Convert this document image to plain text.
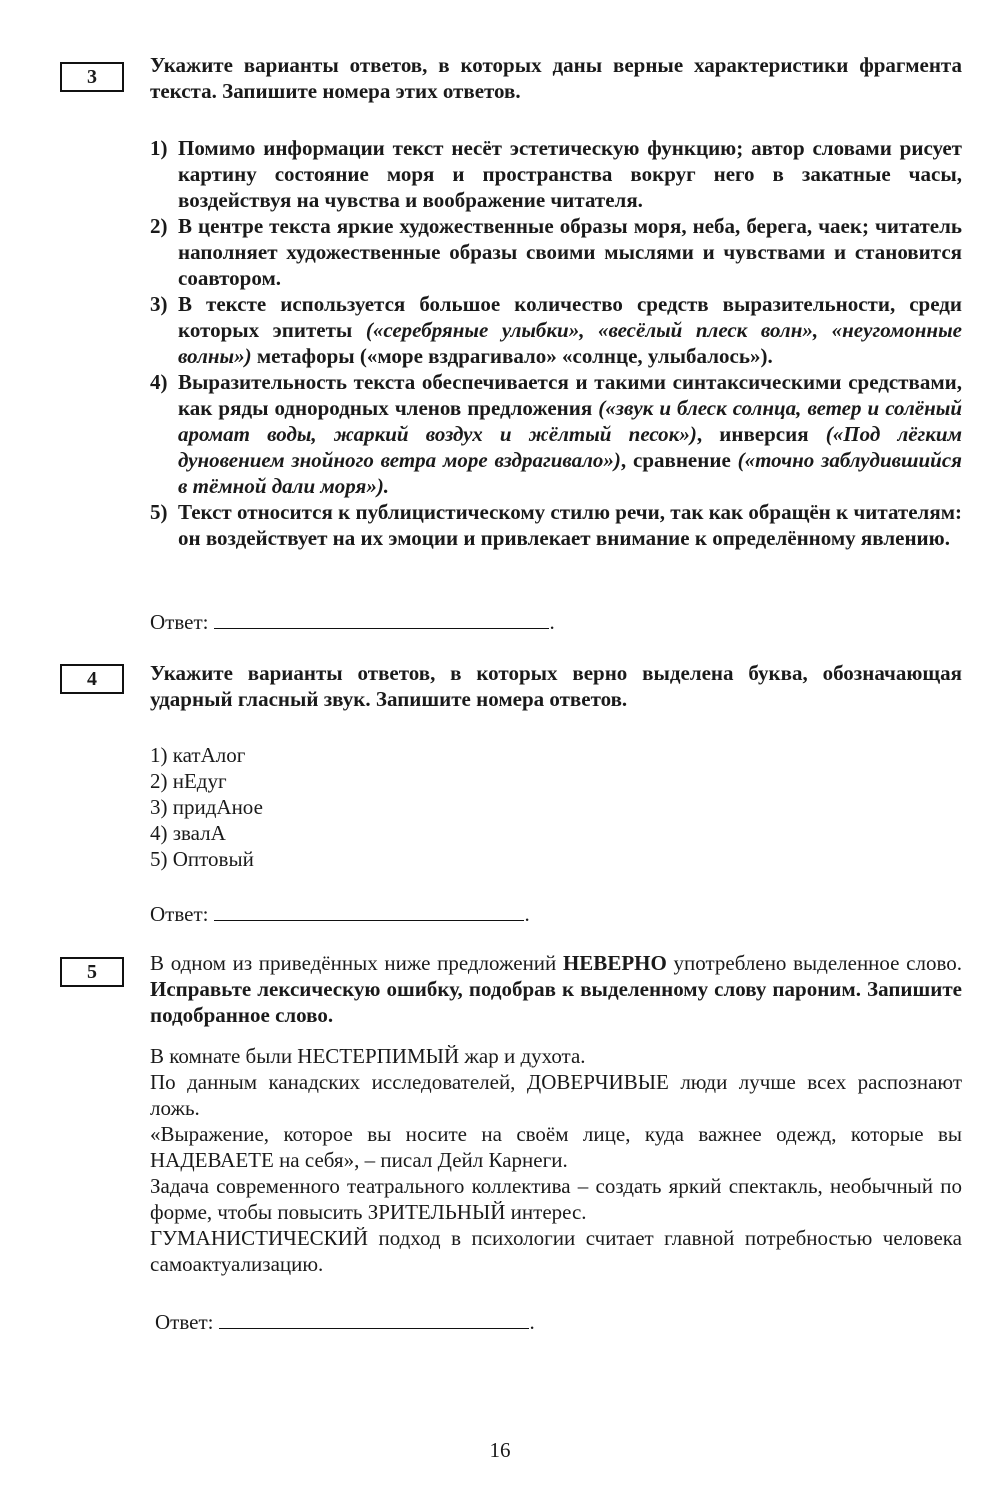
3	Укажите варианты ответов, в которых даны верные характеристики фрагмента текста. Запишите номера этих ответов.
1) Помимо информации текст несёт эстетическую функцию; автор словами рисует картину состояние моря и пространства вокруг него в закатные часы, воздействуя на чувства и воображение читателя.
2) В центре текста яркие художественные образы моря, неба, берега, чаек; читатель наполняет художественные образы своими мыслями и чувствами и становится соавтором.
3) В тексте используется большое количество средств выразительности, среди которых эпитеты («серебряные улыбки», «весёлый плеск волн», «неугомонные волны») метафоры («море вздрагивало» «солнце, улыбалось»).
4) Выразительность текста обеспечивается и такими синтаксическими средствами, как ряды однородных членов предложения («звук и блеск солнца, ветер и солёный аромат воды, жаркий воздух и жёлтый песок»), инверсия («Под лёгким дуновением знойного ветра море вздрагивало»), сравнение («точно заблудившийся в тёмной дали моря»).
5) Текст относится к публицистическому стилю речи, так как обращён к читателям: он воздействует на их эмоции и привлекает внимание к определённому явлению.
Ответ:	.
4	Укажите варианты ответов, в которых верно выделена буква, обозначающая ударный гласный звук. Запишите номера ответов.
1) катАлог
2) нЕдуг
3) придАное
4) звалА
5) Оптовый
Ответ:	.
5	В одном из приведённых ниже предложений НЕВЕРНО употреблено выделенное слово. Исправьте лексическую ошибку, подобрав к выделенному слову пароним. Запишите подобранное слово.

В комнате были НЕСТЕРПИМЫЙ жар и духота.

По данным канадских исследователей, ДОВЕРЧИВЫЕ люди лучше всех распознают ложь.

«Выражение, которое вы носите на своём лице, куда важнее одежд, которые вы НАДЕВАЕТЕ на себя», – писал Дейл Карнеги.

Задача современного театрального коллектива – создать яркий спектакль, необычный по форме, чтобы повысить ЗРИТЕЛЬНЫЙ интерес.

ГУМАНИСТИЧЕСКИЙ подход в психологии считает главной потребностью человека самоактуализацию.

Ответ:	.
16
